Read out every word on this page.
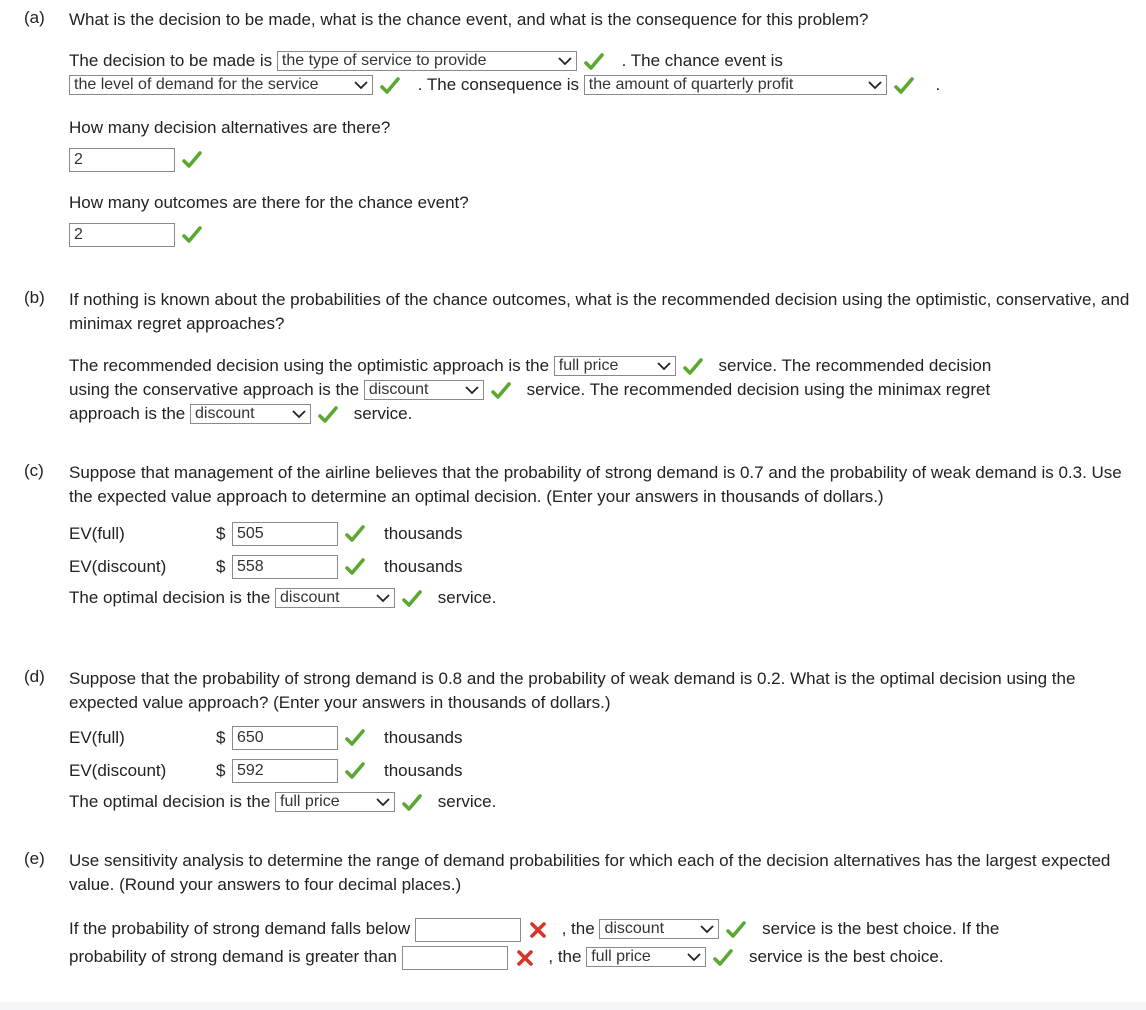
(a)	What is the decision to be made, what is the chance event, and what is the consequence for this problem?

The decision to be made is the type of service to provide	. The chance event is

the level of demand for the service	. The consequence is the amount of quarterly profit	.
How many decision alternatives are there?
2
How many outcomes are there for the chance event?
2
(b)	If nothing is known about the probabilities of the chance outcomes, what is the recommended decision using the optimistic, conservative, and minimax regret approaches?

The recommended decision using the optimistic approach is the full price	service. The recommended decision
using the conservative approach is the discount	service. The recommended decision using the minimax regret
approach is the discount	service.
(c)	Suppose that management of the airline believes that the probability of strong demand is 0.7 and the probability of weak demand is 0.3. Use the expected value approach to determine an optimal decision. (Enter your answers in thousands of dollars.)

EV(full)	$ 505	thousands
EV(discount)	$ 558	thousands
The optimal decision is the discount	service.
(d)	Suppose that the probability of strong demand is 0.8 and the probability of weak demand is 0.2. What is the optimal decision using the expected value approach? (Enter your answers in thousands of dollars.)

EV(full)	$ 650	thousands
EV(discount)	$ 592	thousands
The optimal decision is the full price	service.
(e)	Use sensitivity analysis to determine the range of demand probabilities for which each of the decision alternatives has the largest expected value. (Round your answers to four decimal places.)

If the probability of strong demand falls below	, the discount	service is the best choice. If the
probability of strong demand is greater than	, the full price	service is the best choice.
